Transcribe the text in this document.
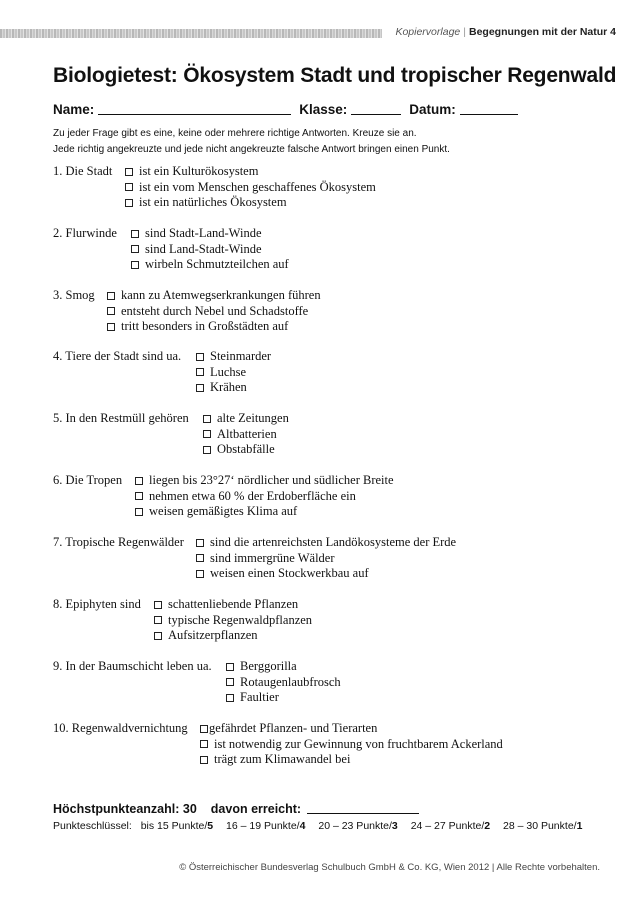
Kopiervorlage | Begegnungen mit der Natur 4
Biologietest: Ökosystem Stadt und tropischer Regenwald
Name:	Klasse:	Datum:
Zu jeder Frage gibt es eine, keine oder mehrere richtige Antworten. Kreuze sie an.
Jede richtig angekreuzte und jede nicht angekreuzte falsche Antwort bringen einen Punkt.
1. Die Stadt ist ein Kulturökosystem
ist ein vom Menschen geschaffenes Ökosystem
ist ein natürliches Ökosystem
2. Flurwinde sind Stadt-Land-Winde
sind Land-Stadt-Winde
wirbeln Schmutzteilchen auf
3. Smog kann zu Atemwegserkrankungen führen
entsteht durch Nebel und Schadstoffe
tritt besonders in Großstädten auf
4. Tiere der Stadt sind ua. Steinmarder
Luchse
Krähen
5. In den Restmüll gehören alte Zeitungen
Altbatterien
Obstabfälle
6. Die Tropen liegen bis 23°27‘ nördlicher und südlicher Breite
nehmen etwa 60 % der Erdoberfläche ein
weisen gemäßigtes Klima auf
7. Tropische Regenwälder sind die artenreichsten Landökosysteme der Erde
sind immergrüne Wälder
weisen einen Stockwerkbau auf
8. Epiphyten sind schattenliebende Pflanzen
typische Regenwaldpflanzen
Aufsitzerpflanzen
9. In der Baumschicht leben ua. Berggorilla
Rotaugenlaubfrosch
Faultier
10. Regenwaldvernichtung gefährdet Pflanzen- und Tierarten
ist notwendig zur Gewinnung von fruchtbarem Ackerland
trägt zum Klimawandel bei
Höchstpunkteanzahl: 30 davon erreicht:
Punkteschlüssel: bis 15 Punkte/5 16 – 19 Punkte/4 20 – 23 Punkte/3 24 – 27 Punkte/2 28 – 30 Punkte/1
© Österreichischer Bundesverlag Schulbuch GmbH & Co. KG, Wien 2012 | Alle Rechte vorbehalten.
